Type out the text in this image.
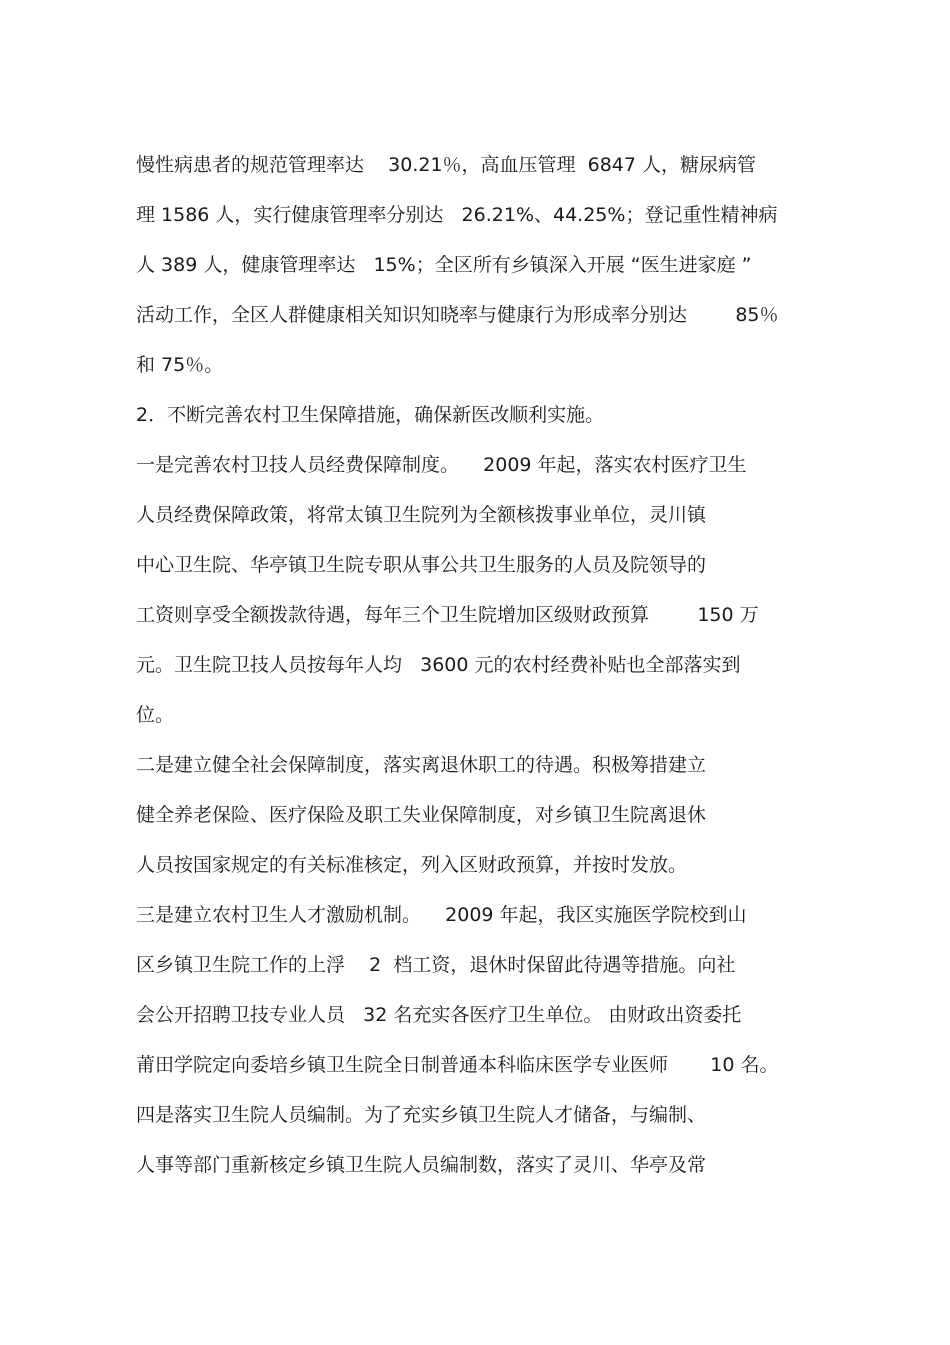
慢性病患者的规范管理率达    30.21％，高血压管理  6847 人，糖尿病管
理 1586 人，实行健康管理率分别达   26.21%、44.25%；登记重性精神病
人 389 人，健康管理率达   15%；全区所有乡镇深入开展 “医生进家庭 ”
活动工作，全区人群健康相关知识知晓率与健康行为形成率分别达        85％
和 75％。
2．不断完善农村卫生保障措施，确保新医改顺利实施。
一是完善农村卫技人员经费保障制度。    2009 年起，落实农村医疗卫生
人员经费保障政策，将常太镇卫生院列为全额核拨事业单位，灵川镇
中心卫生院、华亭镇卫生院专职从事公共卫生服务的人员及院领导的
工资则享受全额拨款待遇，每年三个卫生院增加区级财政预算        150 万
元。卫生院卫技人员按每年人均   3600 元的农村经费补贴也全部落实到
位。
二是建立健全社会保障制度，落实离退休职工的待遇。积极筹措建立
健全养老保险、医疗保险及职工失业保障制度，对乡镇卫生院离退休
人员按国家规定的有关标准核定，列入区财政预算，并按时发放。
三是建立农村卫生人才激励机制。    2009 年起，我区实施医学院校到山
区乡镇卫生院工作的上浮    2  档工资，退休时保留此待遇等措施。向社
会公开招聘卫技专业人员   32 名充实各医疗卫生单位。 由财政出资委托
莆田学院定向委培乡镇卫生院全日制普通本科临床医学专业医师       10 名。
四是落实卫生院人员编制。为了充实乡镇卫生院人才储备，与编制、
人事等部门重新核定乡镇卫生院人员编制数，落实了灵川、华亭及常
